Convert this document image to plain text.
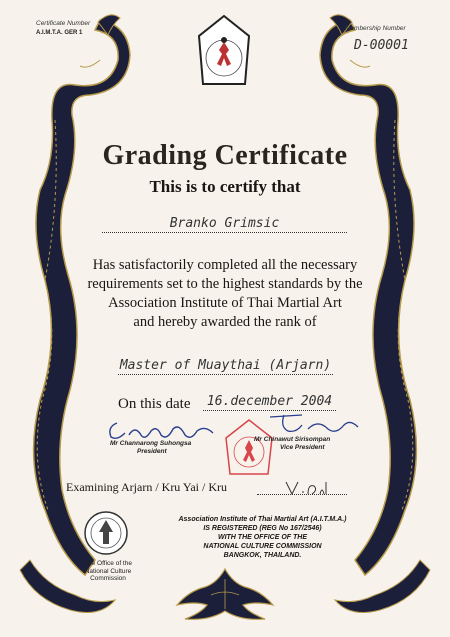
Certificate Number
A.I.M.T.A. GER 1
Membership Number
D-00001
Grading Certificate
This is to certify that
Branko Grimsic
Has satisfactorily completed all the necessary
requirements set to the highest standards by the
Association Institute of Thai Martial Art
and hereby awarded the rank of
Master of Muaythai (Arjarn)
On this date 16.december 2004
Mr Channarong Suhongsa
President
Mr Chinawut Sirisompan
Vice President
Examining Arjarn / Kru Yai / Kru
The Office of the
National Culture
Commission
Association Institute of Thai Martial Art (A.I.T.M.A.)
IS REGISTERED (REG No 167/2546)
WITH THE OFFICE OF THE
NATIONAL CULTURE COMMISSION
BANGKOK, THAILAND.
